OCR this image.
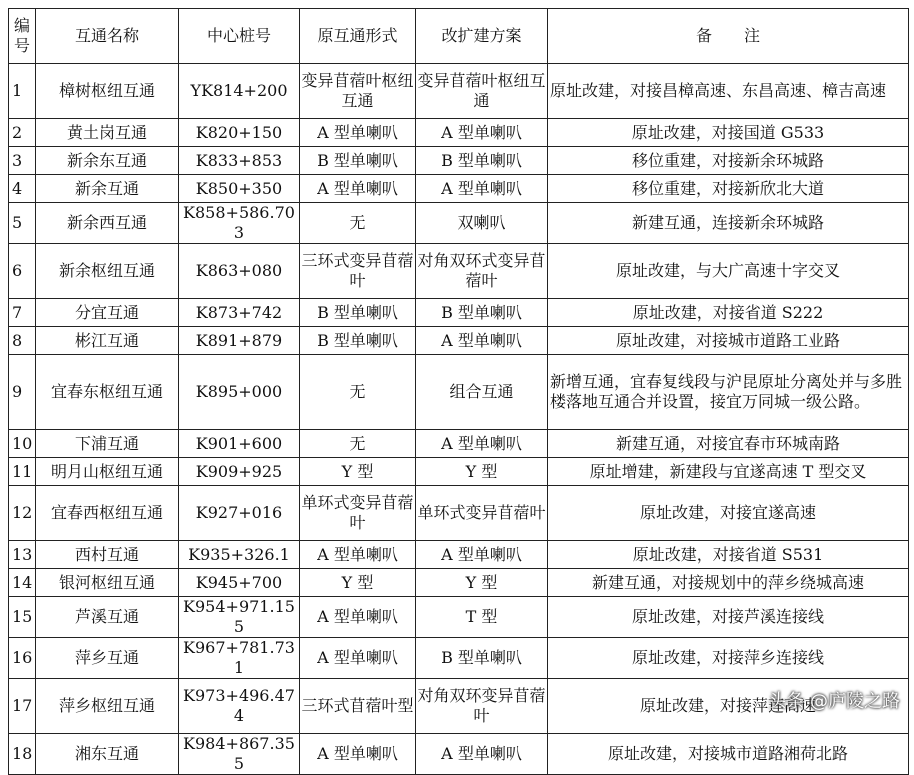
编号	互通名称	中心桩号	原互通形式	改扩建方案	备　　注
1	樟树枢纽互通	YK814+200	变异苜蓿叶枢纽互通	变异苜蓿叶枢纽互通	原址改建，对接昌樟高速、东昌高速、樟吉高速
2	黄土岗互通	K820+150	A 型单喇叭	A 型单喇叭	原址改建，对接国道 G533
3	新余东互通	K833+853	B 型单喇叭	B 型单喇叭	移位重建，对接新余环城路
4	新余互通	K850+350	A 型单喇叭	A 型单喇叭	移位重建，对接新欣北大道
5	新余西互通	K858+586.703	无	双喇叭	新建互通，连接新余环城路
6	新余枢纽互通	K863+080	三环式变异苜蓿叶	对角双环式变异苜蓿叶	原址改建，与大广高速十字交叉
7	分宜互通	K873+742	B 型单喇叭	B 型单喇叭	原址改建，对接省道 S222
8	彬江互通	K891+879	B 型单喇叭	A 型单喇叭	原址改建，对接城市道路工业路
9	宜春东枢纽互通	K895+000	无	组合互通	新增互通，宜春复线段与沪昆原址分离处并与多胜楼落地互通合并设置，接宜万同城一级公路。
10	下浦互通	K901+600	无	A 型单喇叭	新建互通，对接宜春市环城南路
11	明月山枢纽互通	K909+925	Y 型	Y 型	原址增建，新建段与宜遂高速 T 型交叉
12	宜春西枢纽互通	K927+016	单环式变异苜蓿叶	单环式变异苜蓿叶	原址改建，对接宜遂高速
13	西村互通	K935+326.1	A 型单喇叭	A 型单喇叭	原址改建，对接省道 S531
14	银河枢纽互通	K945+700	Y 型	Y 型	新建互通，对接规划中的萍乡绕城高速
15	芦溪互通	K954+971.155	A 型单喇叭	T 型	原址改建，对接芦溪连接线
16	萍乡互通	K967+781.731	A 型单喇叭	B 型单喇叭	原址改建，对接萍乡连接线
17	萍乡枢纽互通	K973+496.474	三环式苜蓿叶型	对角双环变异苜蓿叶	原址改建，对接萍莲高速
18	湘东互通	K984+867.355	A 型单喇叭	A 型单喇叭	原址改建，对接城市道路湘荷北路
头条 @庐陵之路
